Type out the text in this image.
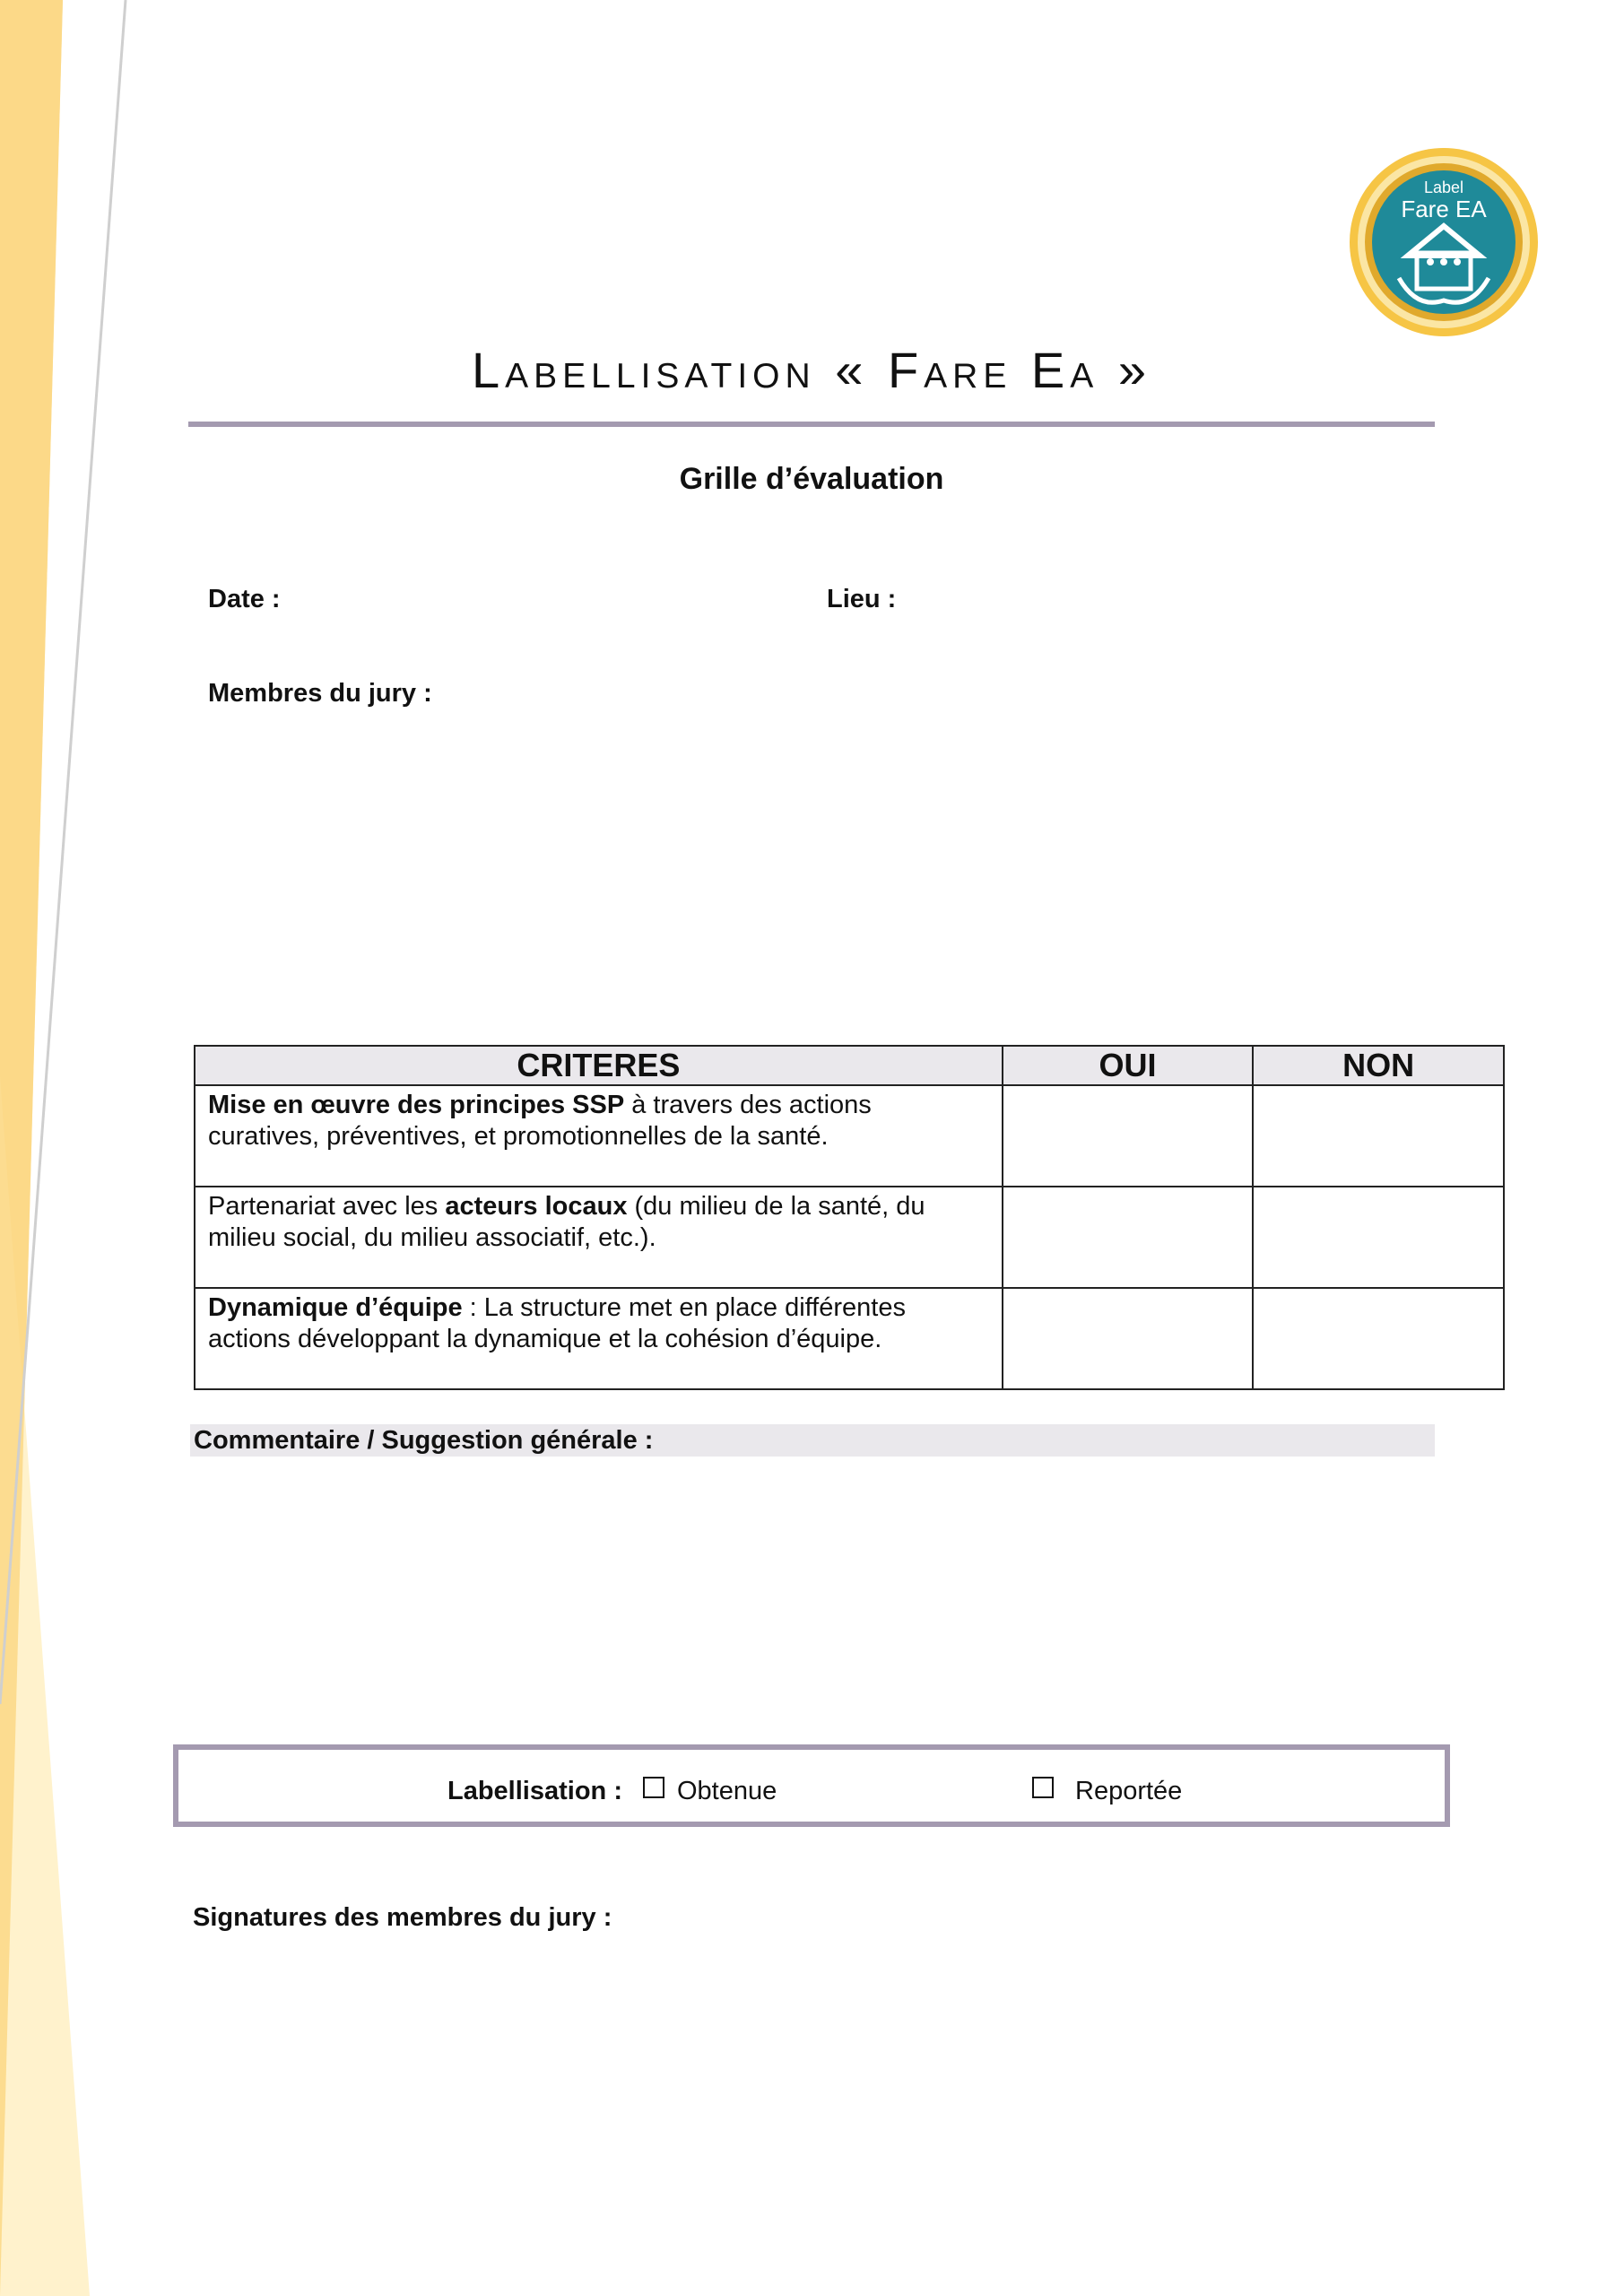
Label
Fare EA
Labellisation « Fare Ea »
Grille d’évaluation
Date :	Lieu :
Membres du jury :
CRITERES	OUI	NON
Mise en œuvre des principes SSP à travers des actions curatives, préventives, et promotionnelles de la santé.		
Partenariat avec les acteurs locaux (du milieu de la santé, du milieu social, du milieu associatif, etc.).		
Dynamique d’équipe : La structure met en place différentes actions développant la dynamique et la cohésion d’équipe.		
Commentaire / Suggestion générale :
Labellisation : Obtenue	Reportée
Signatures des membres du jury :
